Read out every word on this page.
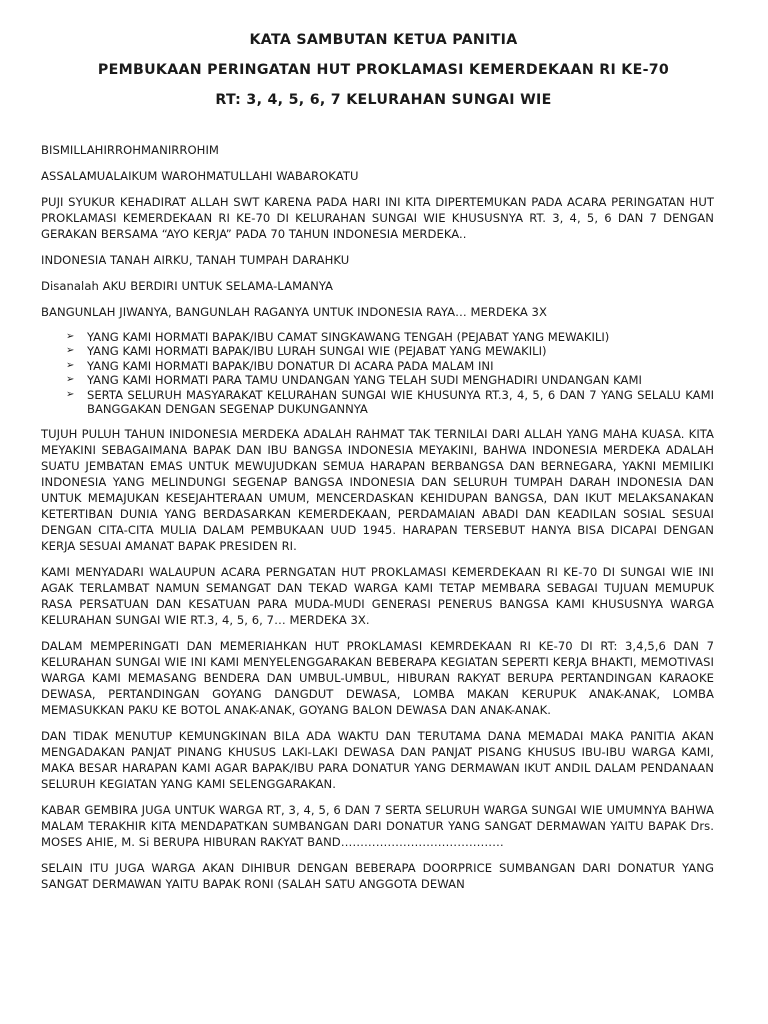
KATA SAMBUTAN KETUA PANITIA
PEMBUKAAN PERINGATAN HUT PROKLAMASI KEMERDEKAAN RI KE-70
RT: 3, 4, 5, 6, 7 KELURAHAN SUNGAI WIE

BISMILLAHIRROHMANIRROHIM

ASSALAMUALAIKUM WAROHMATULLAHI WABAROKATU

PUJI SYUKUR KEHADIRAT ALLAH SWT KARENA PADA HARI INI KITA DIPERTEMUKAN PADA ACARA PERINGATAN HUT PROKLAMASI KEMERDEKAAN RI KE-70 DI KELURAHAN SUNGAI WIE KHUSUSNYA RT. 3, 4, 5, 6 DAN 7 DENGAN GERAKAN BERSAMA “AYO KERJA” PADA 70 TAHUN INDONESIA MERDEKA..

INDONESIA TANAH AIRKU, TANAH TUMPAH DARAHKU

Disanalah AKU BERDIRI UNTUK SELAMA-LAMANYA

BANGUNLAH JIWANYA, BANGUNLAH RAGANYA UNTUK INDONESIA RAYA… MERDEKA 3X

➢ YANG KAMI HORMATI BAPAK/IBU CAMAT SINGKAWANG TENGAH (PEJABAT YANG MEWAKILI)
➢ YANG KAMI HORMATI BAPAK/IBU LURAH SUNGAI WIE (PEJABAT YANG MEWAKILI)
➢ YANG KAMI HORMATI BAPAK/IBU DONATUR DI ACARA PADA MALAM INI
➢ YANG KAMI HORMATI PARA TAMU UNDANGAN YANG TELAH SUDI MENGHADIRI UNDANGAN KAMI
➢ SERTA SELURUH MASYARAKAT KELURAHAN SUNGAI WIE KHUSUNYA RT.3, 4, 5, 6 DAN 7 YANG SELALU KAMI BANGGAKAN DENGAN SEGENAP DUKUNGANNYA

TUJUH PULUH TAHUN INIDONESIA MERDEKA ADALAH RAHMAT TAK TERNILAI DARI ALLAH YANG MAHA KUASA. KITA MEYAKINI SEBAGAIMANA BAPAK DAN IBU BANGSA INDONESIA MEYAKINI, BAHWA INDONESIA MERDEKA ADALAH SUATU JEMBATAN EMAS UNTUK MEWUJUDKAN SEMUA HARAPAN BERBANGSA DAN BERNEGARA, YAKNI MEMILIKI INDONESIA YANG MELINDUNGI SEGENAP BANGSA INDONESIA DAN SELURUH TUMPAH DARAH INDONESIA DAN UNTUK MEMAJUKAN KESEJAHTERAAN UMUM, MENCERDASKAN KEHIDUPAN BANGSA, DAN IKUT MELAKSANAKAN KETERTIBAN DUNIA YANG BERDASARKAN KEMERDEKAAN, PERDAMAIAN ABADI DAN KEADILAN SOSIAL SESUAI DENGAN CITA-CITA MULIA DALAM PEMBUKAAN UUD 1945. HARAPAN TERSEBUT HANYA BISA DICAPAI DENGAN KERJA SESUAI AMANAT BAPAK PRESIDEN RI.

KAMI MENYADARI WALAUPUN ACARA PERNGATAN HUT PROKLAMASI KEMERDEKAAN RI KE-70 DI SUNGAI WIE INI AGAK TERLAMBAT NAMUN SEMANGAT DAN TEKAD WARGA KAMI TETAP MEMBARA SEBAGAI TUJUAN MEMUPUK RASA PERSATUAN DAN KESATUAN PARA MUDA-MUDI GENERASI PENERUS BANGSA KAMI KHUSUSNYA WARGA KELURAHAN SUNGAI WIE RT.3, 4, 5, 6, 7… MERDEKA 3X.

DALAM MEMPERINGATI DAN MEMERIAHKAN HUT PROKLAMASI KEMRDEKAAN RI KE-70 DI RT: 3,4,5,6 DAN 7 KELURAHAN SUNGAI WIE INI KAMI MENYELENGGARAKAN BEBERAPA KEGIATAN SEPERTI KERJA BHAKTI, MEMOTIVASI WARGA KAMI MEMASANG BENDERA DAN UMBUL-UMBUL, HIBURAN RAKYAT BERUPA PERTANDINGAN KARAOKE DEWASA, PERTANDINGAN GOYANG DANGDUT DEWASA, LOMBA MAKAN KERUPUK ANAK-ANAK, LOMBA MEMASUKKAN PAKU KE BOTOL ANAK-ANAK, GOYANG BALON DEWASA DAN ANAK-ANAK.

DAN TIDAK MENUTUP KEMUNGKINAN BILA ADA WAKTU DAN TERUTAMA DANA MEMADAI MAKA PANITIA AKAN MENGADAKAN PANJAT PINANG KHUSUS LAKI-LAKI DEWASA DAN PANJAT PISANG KHUSUS IBU-IBU WARGA KAMI, MAKA BESAR HARAPAN KAMI AGAR BAPAK/IBU PARA DONATUR YANG DERMAWAN IKUT ANDIL DALAM PENDANAAN SELURUH KEGIATAN YANG KAMI SELENGGARAKAN.

KABAR GEMBIRA JUGA UNTUK WARGA RT, 3, 4, 5, 6 DAN 7 SERTA SELURUH WARGA SUNGAI WIE UMUMNYA BAHWA MALAM TERAKHIR KITA MENDAPATKAN SUMBANGAN DARI DONATUR YANG SANGAT DERMAWAN YAITU BAPAK Drs. MOSES AHIE, M. Si BERUPA HIBURAN RAKYAT BAND……………………………………

SELAIN ITU JUGA WARGA AKAN DIHIBUR DENGAN BEBERAPA DOORPRICE SUMBANGAN DARI DONATUR YANG SANGAT DERMAWAN YAITU BAPAK RONI (SALAH SATU ANGGOTA DEWAN
